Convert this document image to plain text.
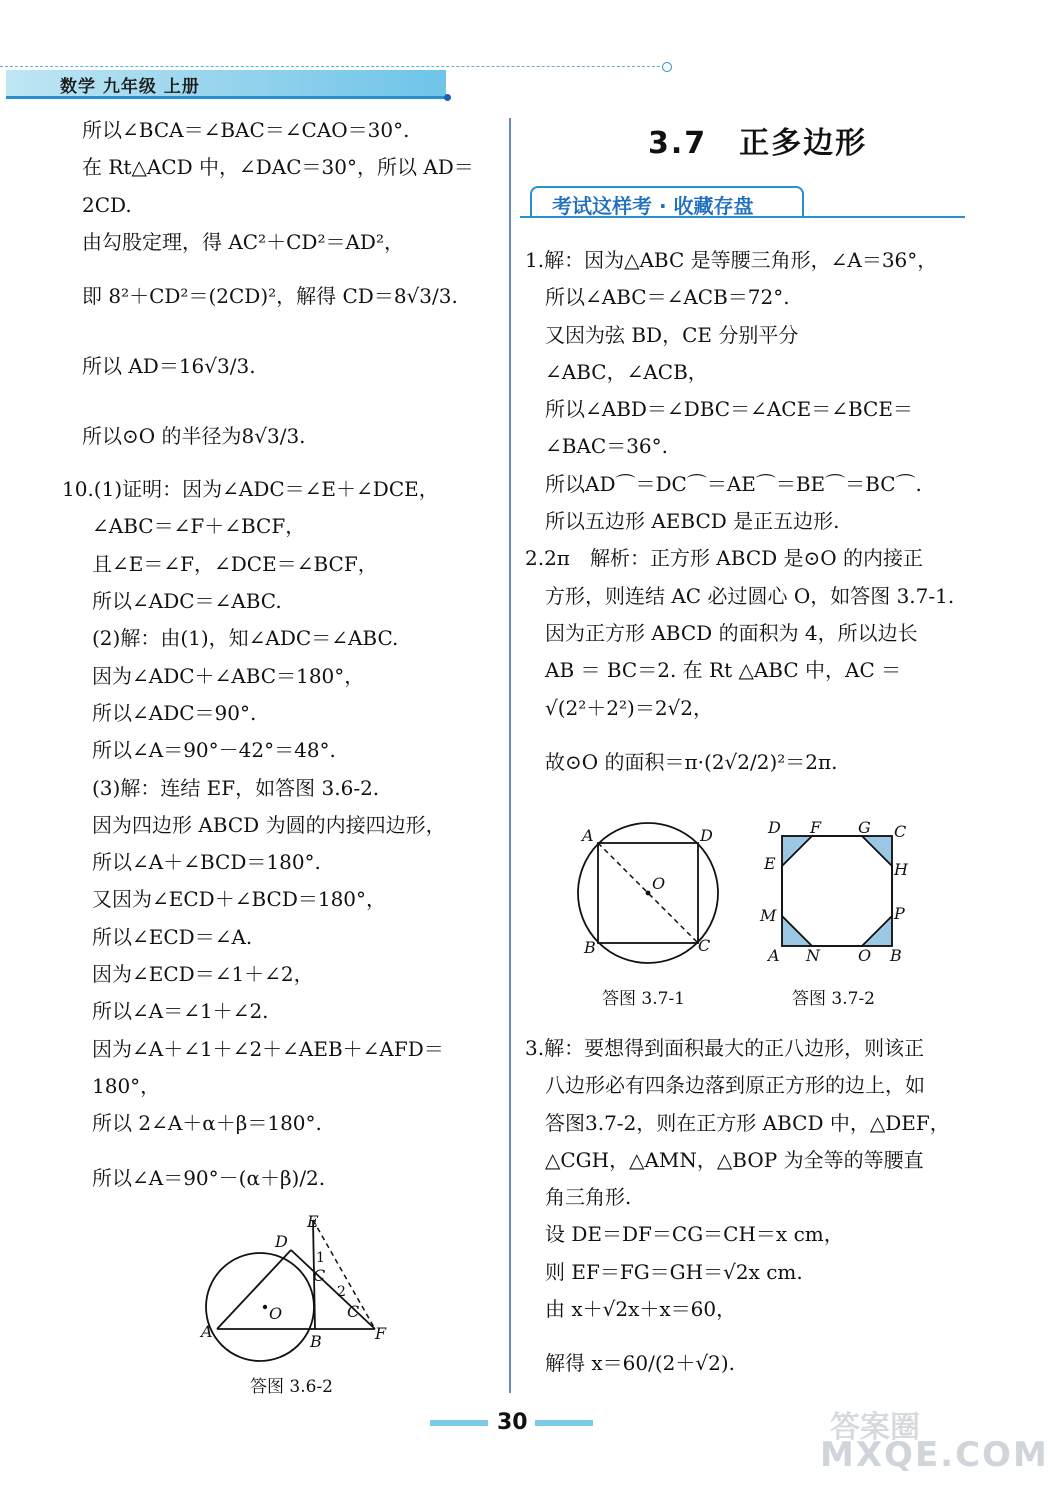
数学 九年级 上册
所以∠BCA＝∠BAC＝∠CAO＝30°.
在 Rt△ACD 中，∠DAC＝30°，所以 AD＝
2CD.
由勾股定理，得 AC²＋CD²＝AD²，
即 8²＋CD²＝(2CD)²，解得 CD＝8√3/3.
所以 AD＝16√3/3.
所以⊙O 的半径为8√3/3.
10.(1)证明：因为∠ADC＝∠E＋∠DCE，
∠ABC＝∠F＋∠BCF，
且∠E＝∠F，∠DCE＝∠BCF，
所以∠ADC＝∠ABC.
(2)解：由(1)，知∠ADC＝∠ABC.
因为∠ADC＋∠ABC＝180°，
所以∠ADC＝90°.
所以∠A＝90°－42°＝48°.
(3)解：连结 EF，如答图 3.6-2.
因为四边形 ABCD 为圆的内接四边形，
所以∠A＋∠BCD＝180°.
又因为∠ECD＋∠BCD＝180°，
所以∠ECD＝∠A.
因为∠ECD＝∠1＋∠2，
所以∠A＝∠1＋∠2.
因为∠A＋∠1＋∠2＋∠AEB＋∠AFD＝
180°，
所以 2∠A＋α＋β＝180°.
所以∠A＝90°－(α＋β)/2.
E
D
1
C
2
C
O
A
B	F
答图 3.6-2
3.7　正多边形
考试这样考 · 收藏存盘
1.解：因为△ABC 是等腰三角形，∠A＝36°，
所以∠ABC＝∠ACB＝72°.
又因为弦 BD，CE 分别平分
∠ABC，∠ACB，
所以∠ABD＝∠DBC＝∠ACE＝∠BCE＝
∠BAC＝36°.
所以AD⌒＝DC⌒＝AE⌒＝BE⌒＝BC⌒.
所以五边形 AEBCD 是正五边形.
2.2π　解析：正方形 ABCD 是⊙O 的内接正
方形，则连结 AC 必过圆心 O，如答图 3.7-1.
因为正方形 ABCD 的面积为 4，所以边长
AB ＝ BC＝2. 在 Rt △ABC 中，AC ＝
√(2²＋2²)＝2√2，
故⊙O 的面积＝π·(2√2/2)²＝2π.
A	D
O
B	C
答图 3.7-1
D F G C
E	H
M	P
A N O B
答图 3.7-2
3.解：要想得到面积最大的正八边形，则该正
八边形必有四条边落到原正方形的边上，如
答图3.7-2，则在正方形 ABCD 中，△DEF，
△CGH，△AMN，△BOP 为全等的等腰直
角三角形.
设 DE＝DF＝CG＝CH＝x cm，
则 EF＝FG＝GH＝√2x cm.
由 x＋√2x＋x＝60，
解得 x＝60/(2＋√2).
30	答案圈
MXQE.COM
